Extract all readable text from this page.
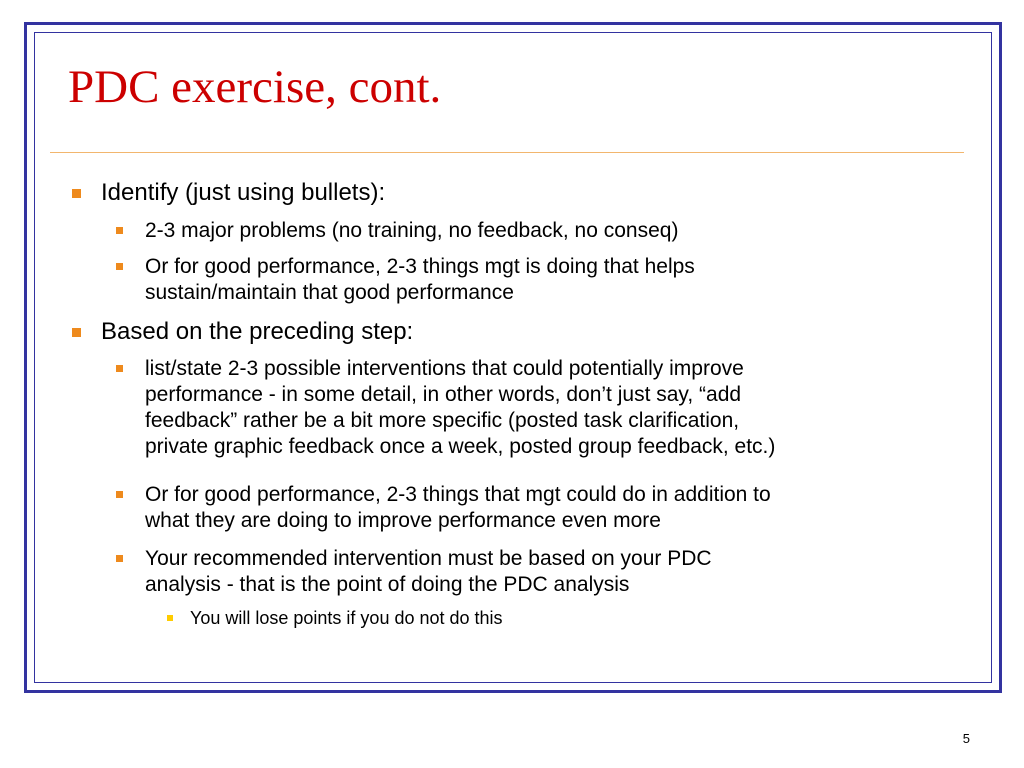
PDC exercise, cont.
Identify (just using bullets):
2-3 major problems (no training, no feedback, no conseq)
Or for good performance, 2-3 things mgt is doing that helps
sustain/maintain that good performance
Based on the preceding step:
list/state 2-3 possible interventions that could potentially improve
performance - in some detail, in other words, don’t just say, “add
feedback” rather be a bit more specific (posted task clarification,
private graphic feedback once a week, posted group feedback, etc.)
Or for good performance, 2-3 things that mgt could do in addition to
what they are doing to improve performance even more
Your recommended intervention must be based on your PDC
analysis - that is the point of doing the PDC analysis
You will lose points if you do not do this
5
